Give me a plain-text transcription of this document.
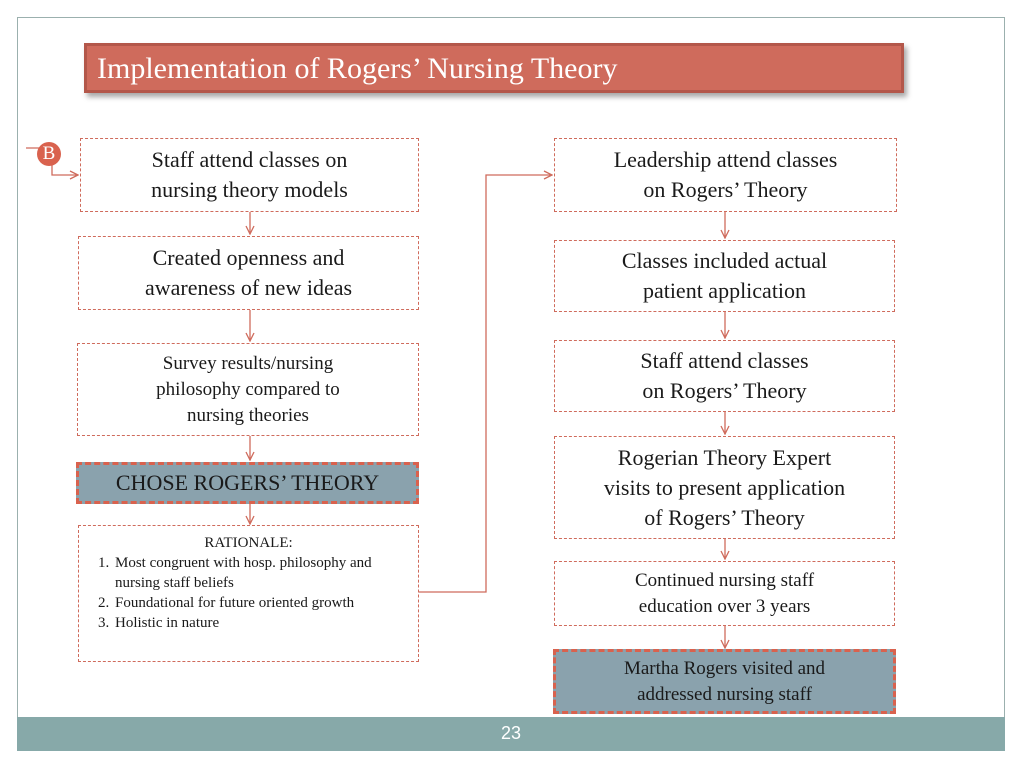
Implementation of Rogers’ Nursing Theory
B	Staff attend classes on
nursing theory models
Created openness and
awareness of new ideas
Survey results/nursing
philosophy compared to
nursing theories
CHOSE ROGERS’ THEORY
RATIONALE:
1. Most congruent with hosp. philosophy and nursing staff beliefs
2. Foundational for future oriented growth
3. Holistic in nature
Leadership attend classes
on Rogers’ Theory
Classes included actual
patient application
Staff attend classes
on Rogers’ Theory
Rogerian Theory Expert
visits to present application
of Rogers’ Theory
Continued nursing staff
education over 3 years
Martha Rogers visited and
addressed nursing staff
23
